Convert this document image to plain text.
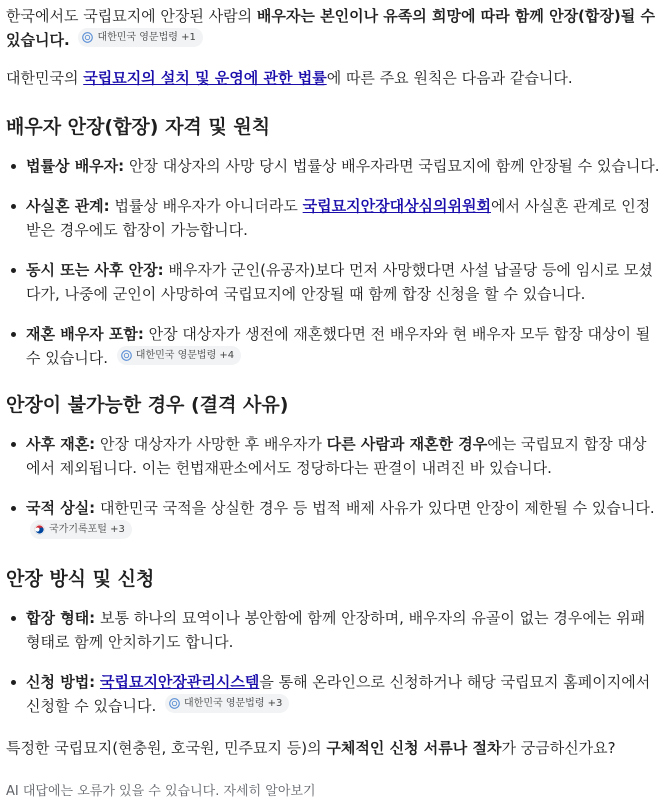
한국에서도 국립묘지에 안장된 사람의 배우자는 본인이나 유족의 희망에 따라 함께 안장(합장)될 수 있습니다.	대한민국 영문법령 +1

대한민국의 국립묘지의 설치 및 운영에 관한 법률에 따른 주요 원칙은 다음과 같습니다.

배우자 안장(합장) 자격 및 원칙
법률상 배우자: 안장 대상자의 사망 당시 법률상 배우자라면 국립묘지에 함께 안장될 수 있습니다.
사실혼 관계: 법률상 배우자가 아니더라도 국립묘지안장대상심의위원회에서 사실혼 관계로 인정받은 경우에도 합장이 가능합니다.
동시 또는 사후 안장: 배우자가 군인(유공자)보다 먼저 사망했다면 사설 납골당 등에 임시로 모셨다가, 나중에 군인이 사망하여 국립묘지에 안장될 때 함께 합장 신청을 할 수 있습니다.
재혼 배우자 포함: 안장 대상자가 생전에 재혼했다면 전 배우자와 현 배우자 모두 합장 대상이 될 수 있습니다.	대한민국 영문법령 +4
안장이 불가능한 경우 (결격 사유)
사후 재혼: 안장 대상자가 사망한 후 배우자가 다른 사람과 재혼한 경우에는 국립묘지 합장 대상에서 제외됩니다. 이는 헌법재판소에서도 정당하다는 판결이 내려진 바 있습니다.
국적 상실: 대한민국 국적을 상실한 경우 등 법적 배제 사유가 있다면 안장이 제한될 수 있습니다.
국가기록포털 +3
안장 방식 및 신청
합장 형태: 보통 하나의 묘역이나 봉안함에 함께 안장하며, 배우자의 유골이 없는 경우에는 위패 형태로 함께 안치하기도 합니다.
신청 방법: 국립묘지안장관리시스템을 통해 온라인으로 신청하거나 해당 국립묘지 홈페이지에서 신청할 수 있습니다.	대한민국 영문법령 +3

특정한 국립묘지(현충원, 호국원, 민주묘지 등)의 구체적인 신청 서류나 절차가 궁금하신가요?

AI 대답에는 오류가 있을 수 있습니다. 자세히 알아보기
